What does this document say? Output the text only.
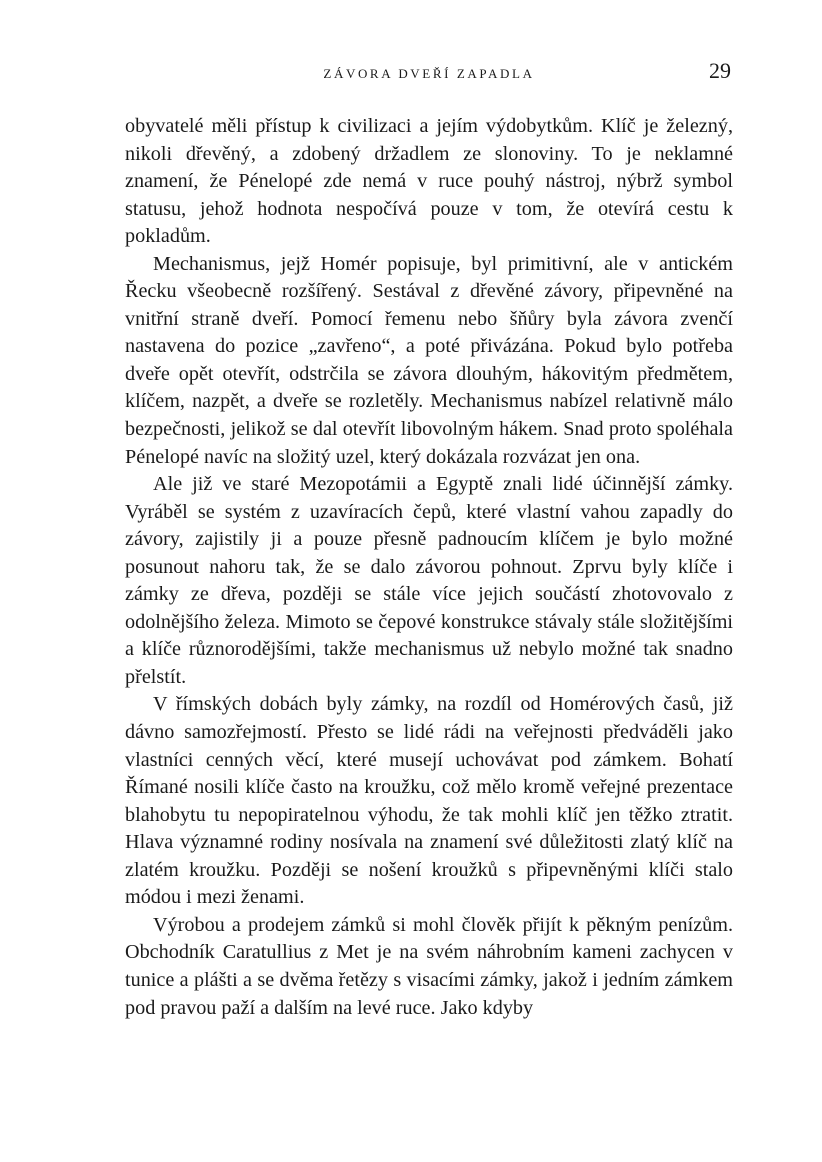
ZÁVORA DVEŘÍ ZAPADLA	29

obyvatelé měli přístup k civilizaci a jejím výdobytkům. Klíč je železný, nikoli dřevěný, a zdobený držadlem ze slonoviny. To je neklamné znamení, že Pénelopé zde nemá v ruce pouhý nástroj, nýbrž symbol statusu, jehož hodnota nespočívá pouze v tom, že otevírá cestu k pokladům.

Mechanismus, jejž Homér popisuje, byl primitivní, ale v antickém Řecku všeobecně rozšířený. Sestával z dřevěné závory, připevněné na vnitřní straně dveří. Pomocí řemenu nebo šňůry byla závora zvenčí nastavena do pozice „zavřeno“, a poté přivázána. Pokud bylo potřeba dveře opět otevřít, odstrčila se závora dlouhým, hákovitým předmětem, klíčem, nazpět, a dveře se rozletěly. Mechanismus nabízel relativně málo bezpečnosti, jelikož se dal otevřít libovolným hákem. Snad proto spoléhala Pénelopé navíc na složitý uzel, který dokázala rozvázat jen ona.

Ale již ve staré Mezopotámii a Egyptě znali lidé účinnější zámky. Vyráběl se systém z uzavíracích čepů, které vlastní vahou zapadly do závory, zajistily ji a pouze přesně padnoucím klíčem je bylo možné posunout nahoru tak, že se dalo závorou pohnout. Zprvu byly klíče i zámky ze dřeva, později se stále více jejich součástí zhotovovalo z odolnějšího železa. Mimoto se čepové konstrukce stávaly stále složitějšími a klíče různorodějšími, takže mechanismus už nebylo možné tak snadno přelstít.

V římských dobách byly zámky, na rozdíl od Homérových časů, již dávno samozřejmostí. Přesto se lidé rádi na veřejnosti předváděli jako vlastníci cenných věcí, které musejí uchovávat pod zámkem. Bohatí Římané nosili klíče často na kroužku, což mělo kromě veřejné prezentace blahobytu tu nepopiratelnou výhodu, že tak mohli klíč jen těžko ztratit. Hlava významné rodiny nosívala na znamení své důležitosti zlatý klíč na zlatém kroužku. Později se nošení kroužků s připevněnými klíči stalo módou i mezi ženami.

Výrobou a prodejem zámků si mohl člověk přijít k pěkným penízům. Obchodník Caratullius z Met je na svém náhrobním kameni zachycen v tunice a plášti a se dvěma řetězy s visacími zámky, jakož i jedním zámkem pod pravou paží a dalším na levé ruce. Jako kdyby
